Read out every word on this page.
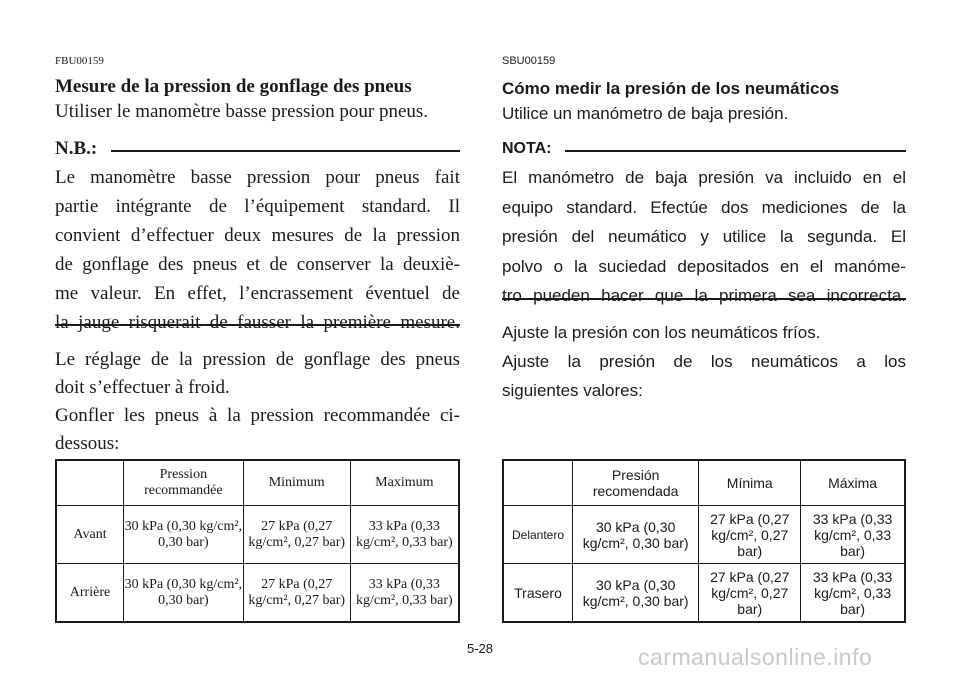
FBU00159
Mesure de la pression de gonflage des pneus
Utiliser le manomètre basse pression pour pneus.
N.B.:
Le manomètre basse pression pour pneus fait
partie intégrante de l’équipement standard. Il
convient d’effectuer deux mesures de la pression
de gonflage des pneus et de conserver la deuxiè-
me valeur. En effet, l’encrassement éventuel de
la jauge risquerait de fausser la première mesure.
Le réglage de la pression de gonflage des pneus
doit s’effectuer à froid.
Gonfler les pneus à la pression recommandée ci-
dessous:
	Pression recommandée	Minimum	Maximum
Avant	30 kPa (0,30 kg/cm², 0,30 bar)	27 kPa (0,27 kg/cm², 0,27 bar)	33 kPa (0,33 kg/cm², 0,33 bar)
Arrière	30 kPa (0,30 kg/cm², 0,30 bar)	27 kPa (0,27 kg/cm², 0,27 bar)	33 kPa (0,33 kg/cm², 0,33 bar)
SBU00159
Cómo medir la presión de los neumáticos
Utilice un manómetro de baja presión.
NOTA:
El manómetro de baja presión va incluido en el
equipo standard. Efectúe dos mediciones de la
presión del neumático y utilice la segunda. El
polvo o la suciedad depositados en el manóme-
tro pueden hacer que la primera sea incorrecta.
Ajuste la presión con los neumáticos fríos.
Ajuste la presión de los neumáticos a los
siguientes valores:
	Presión recomendada	Mínima	Máxima
Delantero	30 kPa (0,30 kg/cm², 0,30 bar)	27 kPa (0,27 kg/cm², 0,27 bar)	33 kPa (0,33 kg/cm², 0,33 bar)
Trasero	30 kPa (0,30 kg/cm², 0,30 bar)	27 kPa (0,27 kg/cm², 0,27 bar)	33 kPa (0,33 kg/cm², 0,33 bar)
5-28	carmanualsonline.info
